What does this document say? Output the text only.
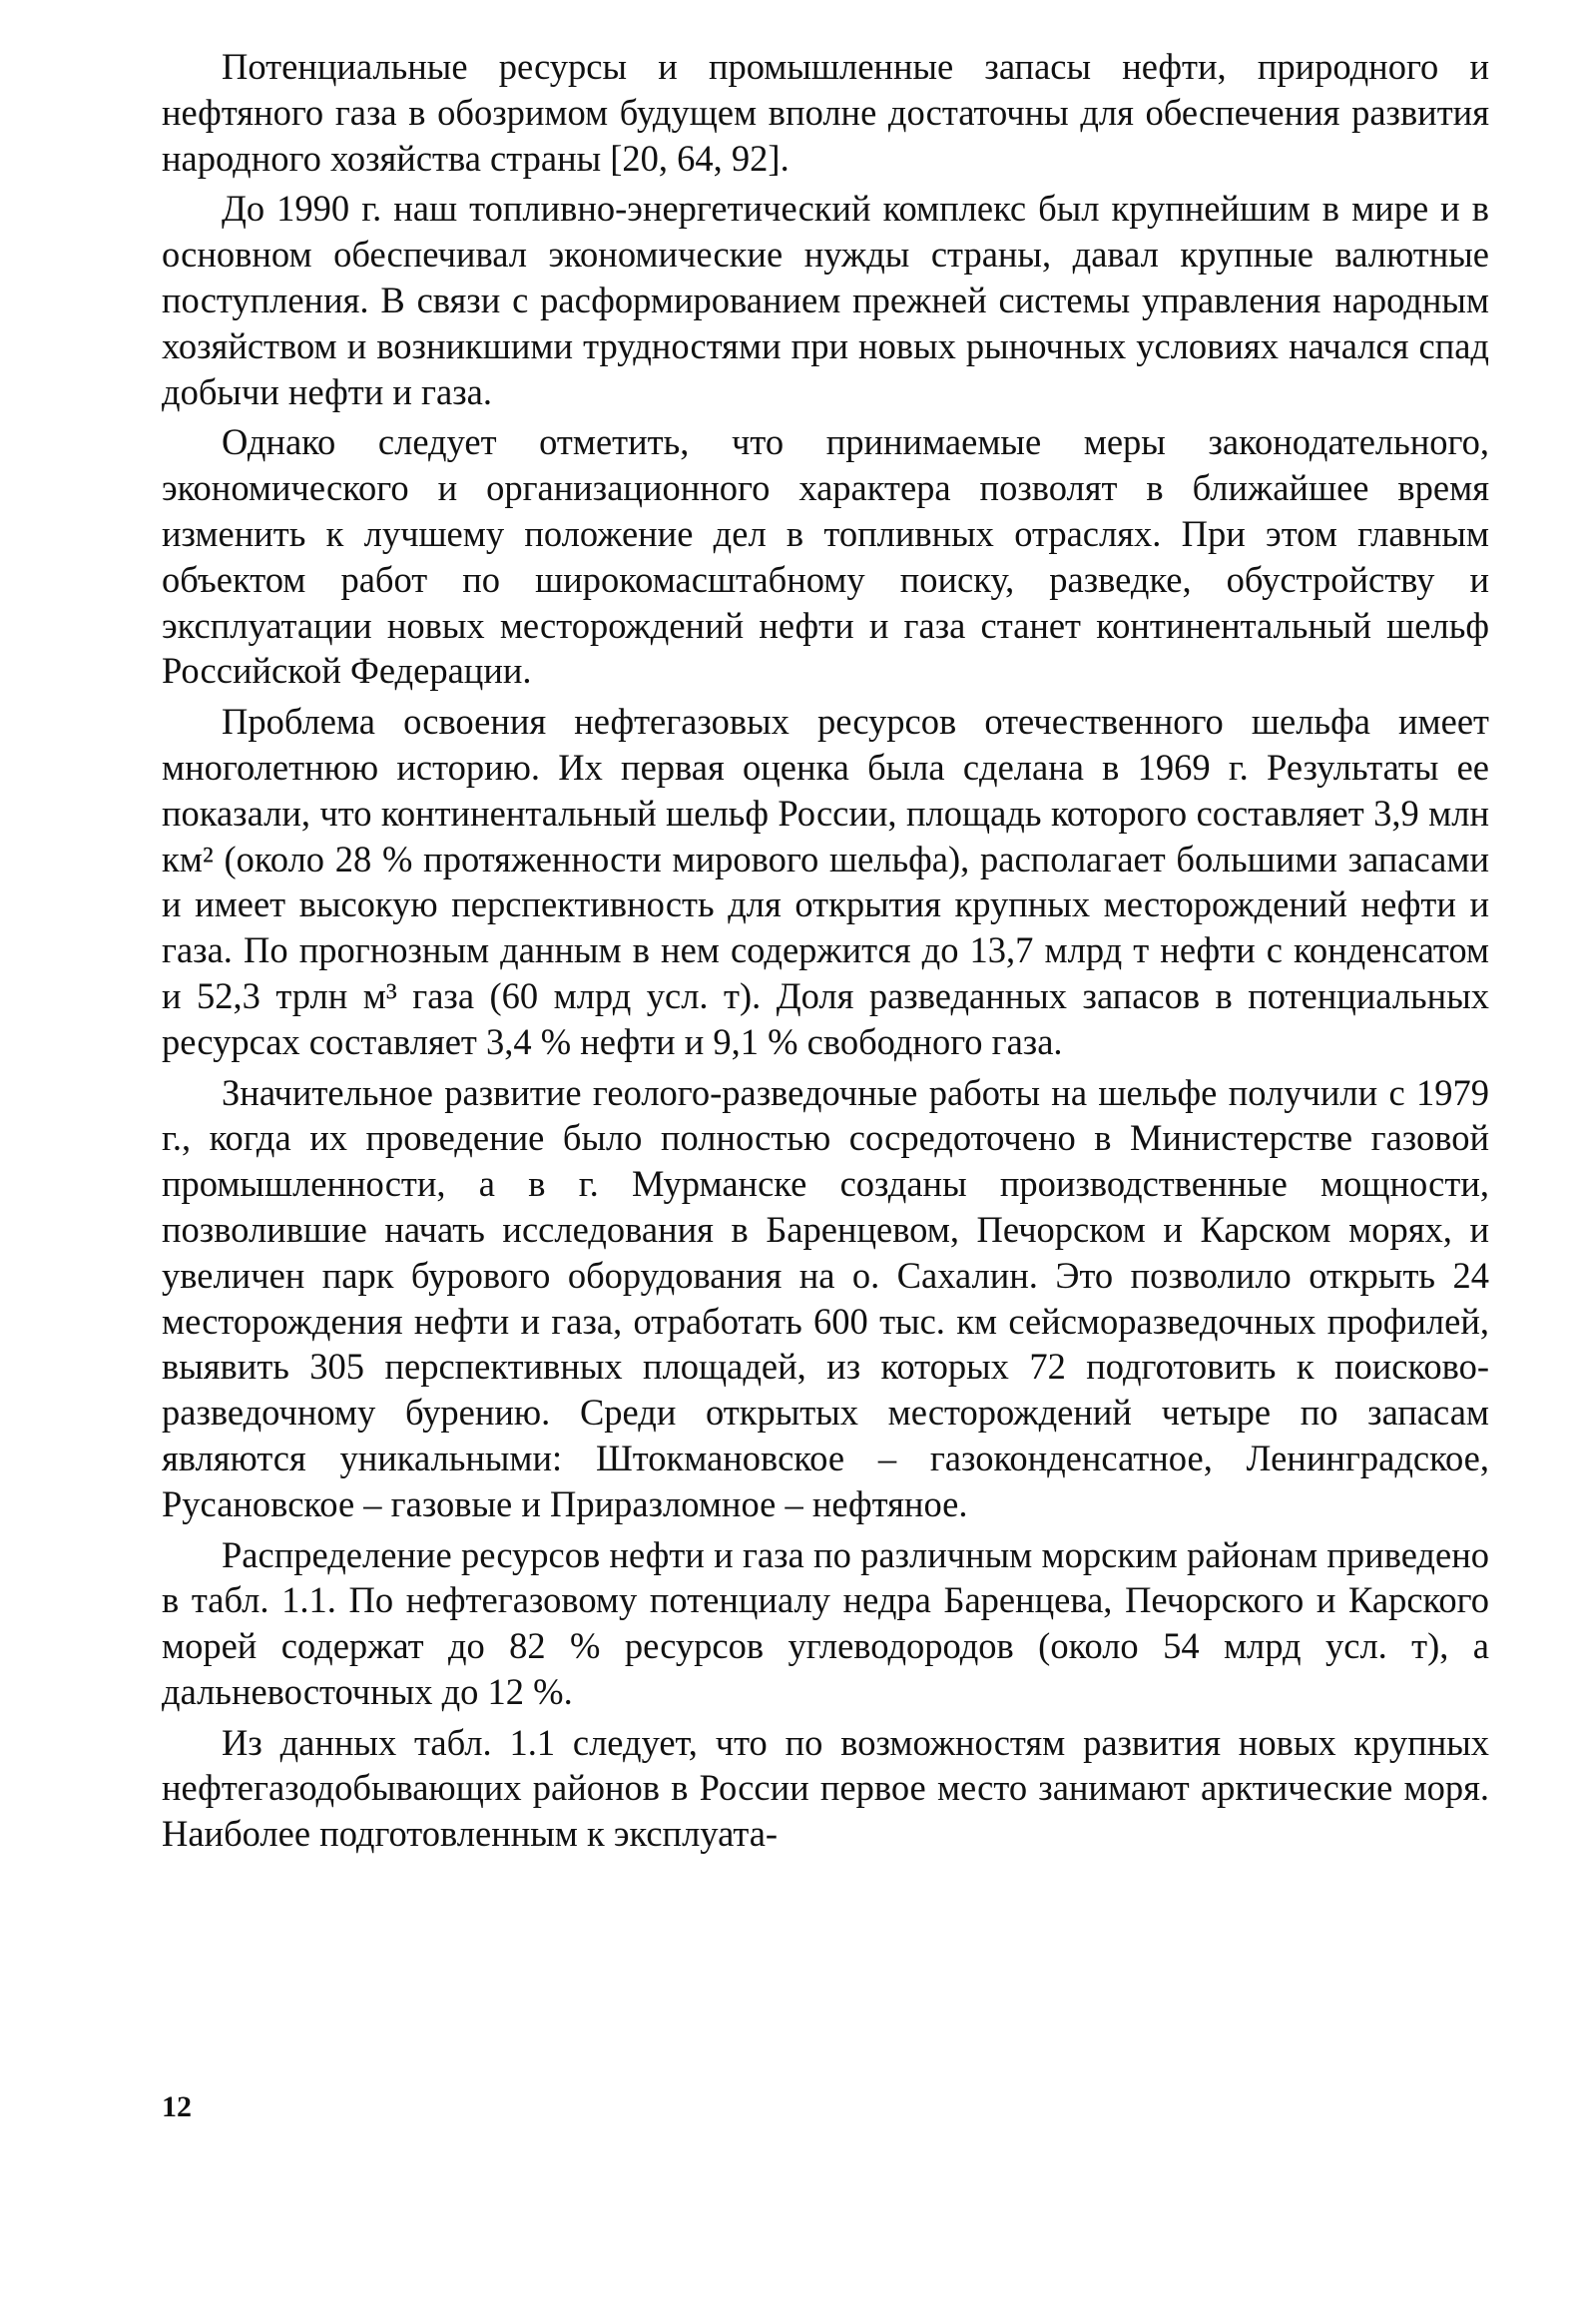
Потенциальные ресурсы и промышленные запасы нефти, природного и нефтяного газа в обозримом будущем вполне достаточны для обеспечения развития народного хозяйства страны [20, 64, 92].

До 1990 г. наш топливно-энергетический комплекс был крупнейшим в мире и в основном обеспечивал экономические нужды страны, давал крупные валютные поступления. В связи с расформированием прежней системы управления народным хозяйством и возникшими трудностями при новых рыночных условиях начался спад добычи нефти и газа.

Однако следует отметить, что принимаемые меры законодательного, экономического и организационного характера позволят в ближайшее время изменить к лучшему положение дел в топливных отраслях. При этом главным объектом работ по широкомасштабному поиску, разведке, обустройству и эксплуатации новых месторождений нефти и газа станет континентальный шельф Российской Федерации.

Проблема освоения нефтегазовых ресурсов отечественного шельфа имеет многолетнюю историю. Их первая оценка была сделана в 1969 г. Результаты ее показали, что континентальный шельф России, площадь которого составляет 3,9 млн км² (около 28 % протяженности мирового шельфа), располагает большими запасами и имеет высокую перспективность для открытия крупных месторождений нефти и газа. По прогнозным данным в нем содержится до 13,7 млрд т нефти с конденсатом и 52,3 трлн м³ газа (60 млрд усл. т). Доля разведанных запасов в потенциальных ресурсах составляет 3,4 % нефти и 9,1 % свободного газа.

Значительное развитие геолого-разведочные работы на шельфе получили с 1979 г., когда их проведение было полностью сосредоточено в Министерстве газовой промышленности, а в г. Мурманске созданы производственные мощности, позволившие начать исследования в Баренцевом, Печорском и Карском морях, и увеличен парк бурового оборудования на о. Сахалин. Это позволило открыть 24 месторождения нефти и газа, отработать 600 тыс. км сейсморазведочных профилей, выявить 305 перспективных площадей, из которых 72 подготовить к поисково-разведочному бурению. Среди открытых месторождений четыре по запасам являются уникальными: Штокмановское – газоконденсатное, Ленинградское, Русановское – газовые и Приразломное – нефтяное.

Распределение ресурсов нефти и газа по различным морским районам приведено в табл. 1.1. По нефтегазовому потенциалу недра Баренцева, Печорского и Карского морей содержат до 82 % ресурсов углеводородов (около 54 млрд усл. т), а дальневосточных до 12 %.

Из данных табл. 1.1 следует, что по возможностям развития новых крупных нефтегазодобывающих районов в России первое место занимают арктические моря. Наиболее подготовленным к эксплуата-

12
